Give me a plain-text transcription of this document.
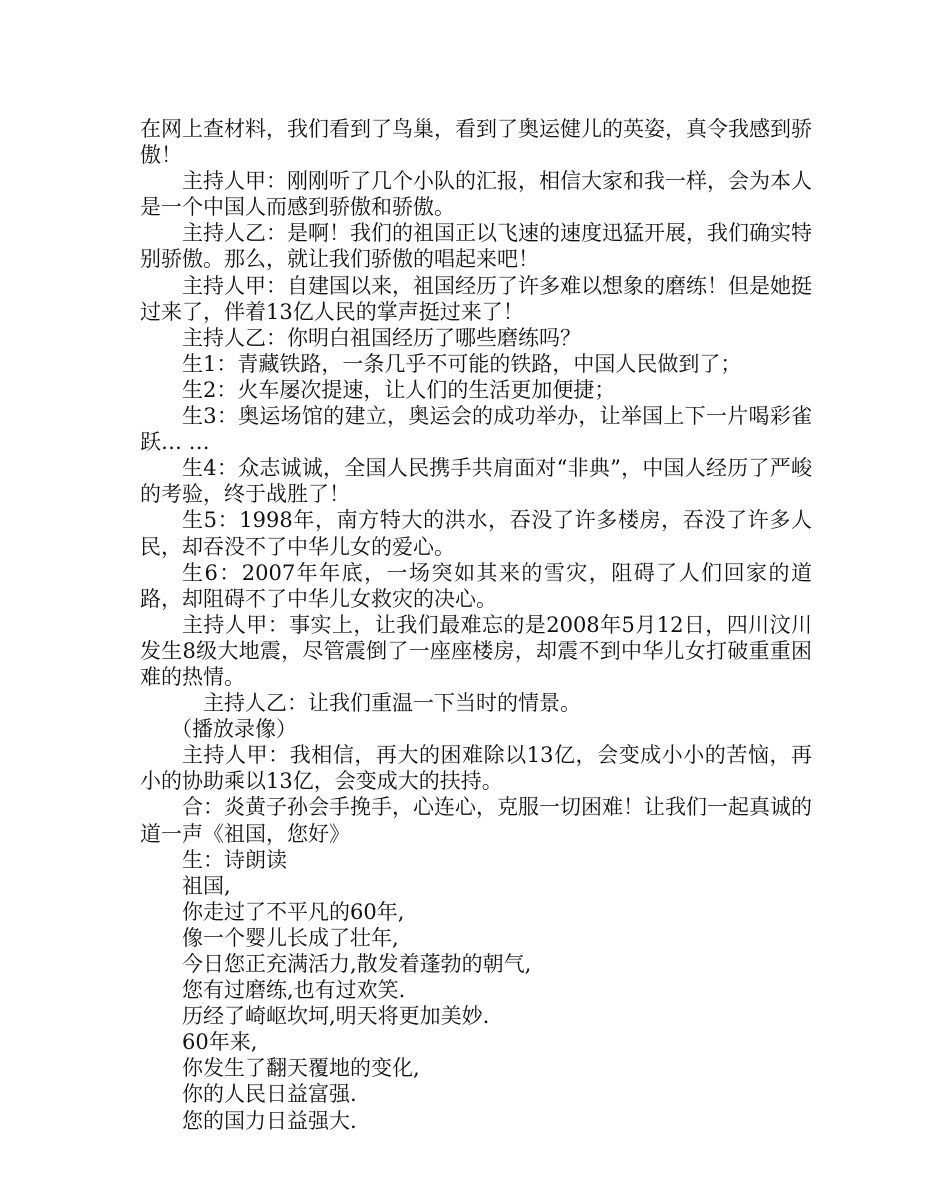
在网上查材料，我们看到了鸟巢，看到了奥运健儿的英姿，真令我感到骄傲！

主持人甲：刚刚听了几个小队的汇报，相信大家和我一样，会为本人是一个中国人而感到骄傲和骄傲。

主持人乙：是啊！我们的祖国正以飞速的速度迅猛开展，我们确实特别骄傲。那么，就让我们骄傲的唱起来吧！

主持人甲：自建国以来，祖国经历了许多难以想象的磨练！但是她挺过来了，伴着13亿人民的掌声挺过来了！

主持人乙：你明白祖国经历了哪些磨练吗？

生1：青藏铁路，一条几乎不可能的铁路，中国人民做到了；

生2：火车屡次提速，让人们的生活更加便捷；

生3：奥运场馆的建立，奥运会的成功举办，让举国上下一片喝彩雀跃… …

生4：众志诚诚，全国人民携手共肩面对“非典”，中国人经历了严峻的考验，终于战胜了！

生5：1998年，南方特大的洪水，吞没了许多楼房，吞没了许多人民，却吞没不了中华儿女的爱心。

生6：2007年年底，一场突如其来的雪灾，阻碍了人们回家的道路，却阻碍不了中华儿女救灾的决心。

主持人甲：事实上，让我们最难忘的是2008年5月12日，四川汶川发生8级大地震，尽管震倒了一座座楼房，却震不到中华儿女打破重重困难的热情。

主持人乙：让我们重温一下当时的情景。

（播放录像）

主持人甲：我相信，再大的困难除以13亿，会变成小小的苦恼，再小的协助乘以13亿，会变成大的扶持。

合：炎黄子孙会手挽手，心连心，克服一切困难！让我们一起真诚的道一声《祖国，您好》

生：诗朗读

祖国,
你走过了不平凡的60年,
像一个婴儿长成了壮年,
今日您正充满活力,散发着蓬勃的朝气,
您有过磨练,也有过欢笑.
历经了崎岖坎坷,明天将更加美妙.
60年来,
你发生了翻天覆地的变化,
你的人民日益富强.
您的国力日益强大.
